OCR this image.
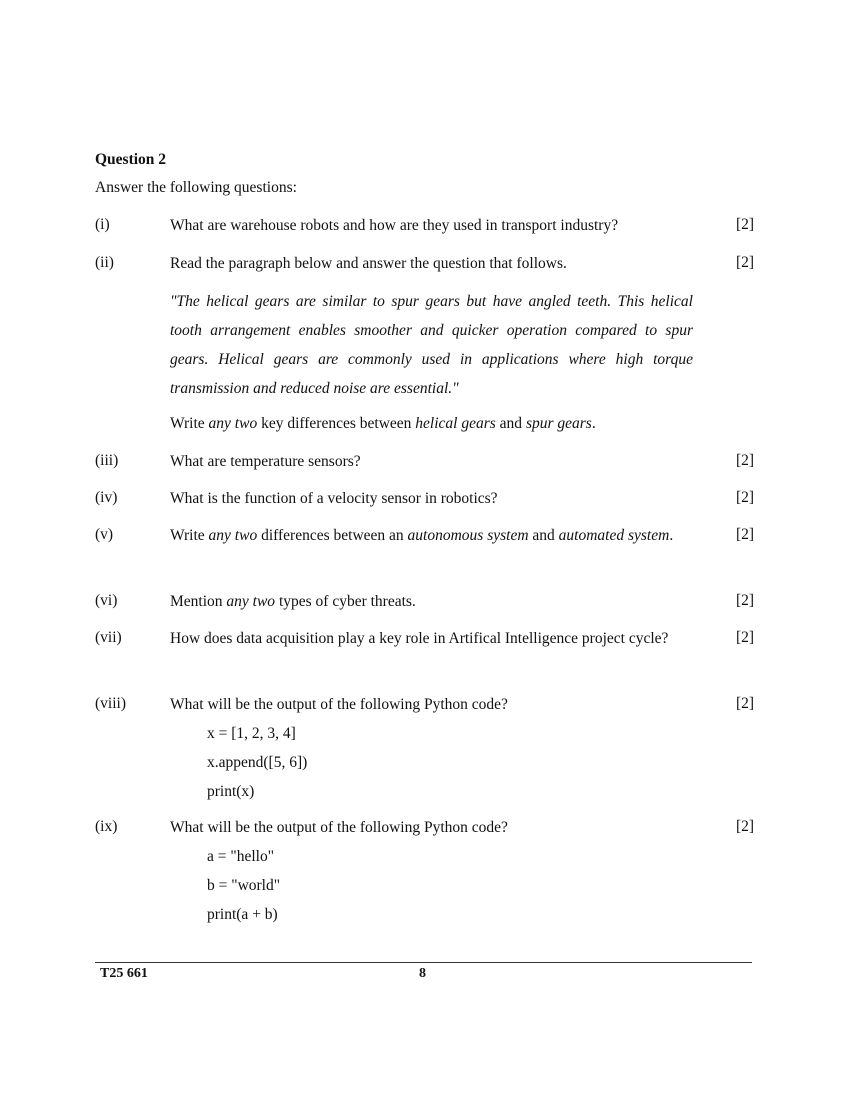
Question 2
Answer the following questions:
(i)	What are warehouse robots and how are they used in transport industry?	[2]
(ii)	Read the paragraph below and answer the question that follows.	[2]
"The helical gears are similar to spur gears but have angled teeth. This helical tooth arrangement enables smoother and quicker operation compared to spur gears. Helical gears are commonly used in applications where high torque transmission and reduced noise are essential."
Write any two key differences between helical gears and spur gears.
(iii)	What are temperature sensors?	[2]
(iv)	What is the function of a velocity sensor in robotics?	[2]
(v)	Write any two differences between an autonomous system and automated system.	[2]
(vi)	Mention any two types of cyber threats.	[2]
(vii)	How does data acquisition play a key role in Artifical Intelligence project cycle?	[2]
(viii)	What will be the output of the following Python code?	[2]
x = [1, 2, 3, 4]
x.append([5, 6])
print(x)
(ix)	What will be the output of the following Python code?	[2]
a = "hello"
b = "world"
print(a + b)
T25 661	8
